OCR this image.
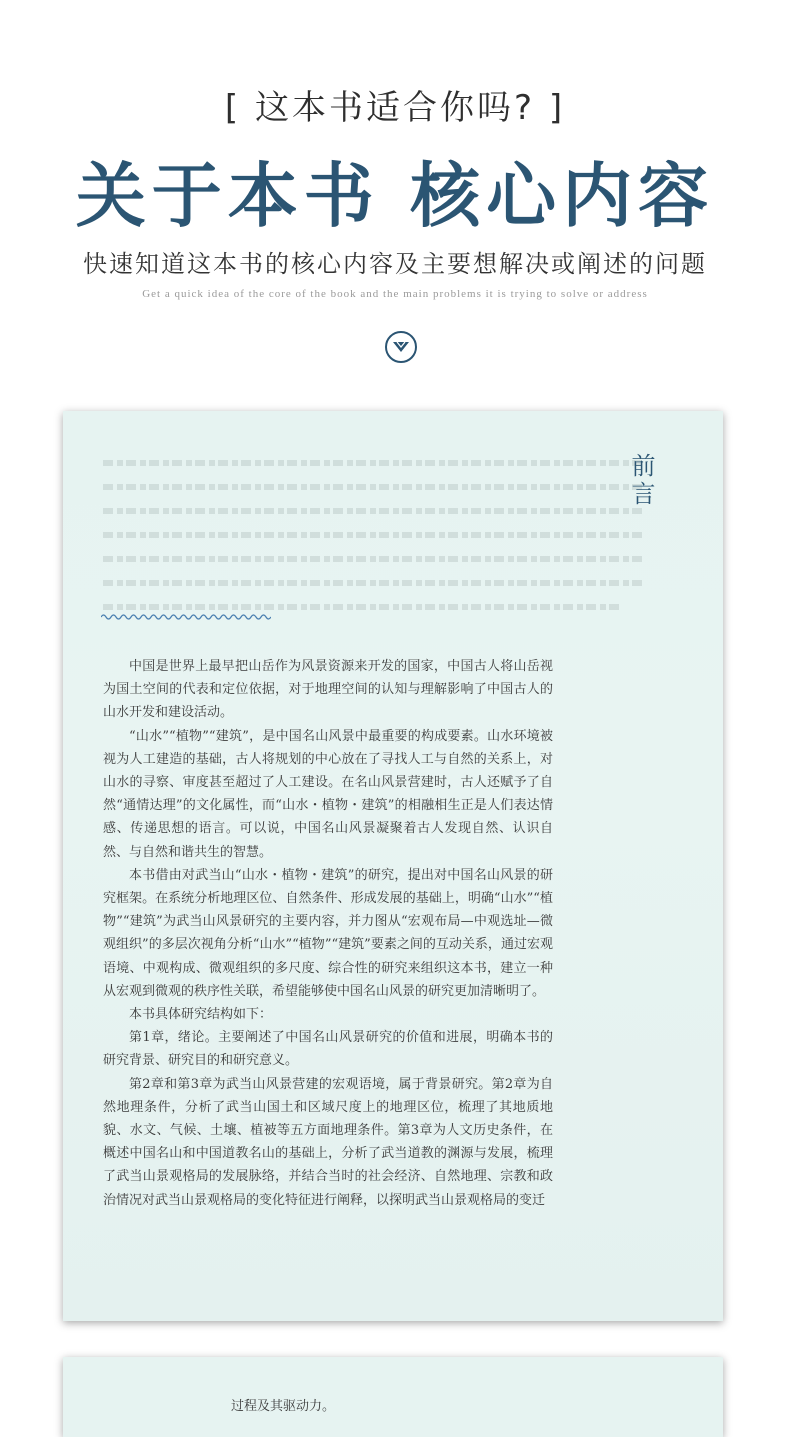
[ 这本书适合你吗? ]
关于本书 核心内容
快速知道这本书的核心内容及主要想解决或阐述的问题
Get a quick idea of the core of the book and the main problems it is trying to solve or address
前言

中国是世界上最早把山岳作为风景资源来开发的国家，中国古人将山岳视为国土空间的代表和定位依据，对于地理空间的认知与理解影响了中国古人的山水开发和建设活动。

“山水”“植物”“建筑”，是中国名山风景中最重要的构成要素。山水环境被视为人工建造的基础，古人将规划的中心放在了寻找人工与自然的关系上，对山水的寻察、审度甚至超过了人工建设。在名山风景营建时，古人还赋予了自然“通情达理”的文化属性，而“山水・植物・建筑”的相融相生正是人们表达情感、传递思想的语言。可以说，中国名山风景凝聚着古人发现自然、认识自然、与自然和谐共生的智慧。

本书借由对武当山“山水・植物・建筑”的研究，提出对中国名山风景的研究框架。在系统分析地理区位、自然条件、形成发展的基础上，明确“山水”“植物”“建筑”为武当山风景研究的主要内容，并力图从“宏观布局—中观选址—微观组织”的多层次视角分析“山水”“植物”“建筑”要素之间的互动关系，通过宏观语境、中观构成、微观组织的多尺度、综合性的研究来组织这本书，建立一种从宏观到微观的秩序性关联，希望能够使中国名山风景的研究更加清晰明了。

本书具体研究结构如下：

第1章，绪论。主要阐述了中国名山风景研究的价值和进展，明确本书的研究背景、研究目的和研究意义。

第2章和第3章为武当山风景营建的宏观语境，属于背景研究。第2章为自然地理条件，分析了武当山国土和区域尺度上的地理区位，梳理了其地质地貌、水文、气候、土壤、植被等五方面地理条件。第3章为人文历史条件，在概述中国名山和中国道教名山的基础上，分析了武当道教的渊源与发展，梳理了武当山景观格局的发展脉络，并结合当时的社会经济、自然地理、宗教和政治情况对武当山景观格局的变化特征进行阐释，以探明武当山景观格局的变迁

过程及其驱动力。
